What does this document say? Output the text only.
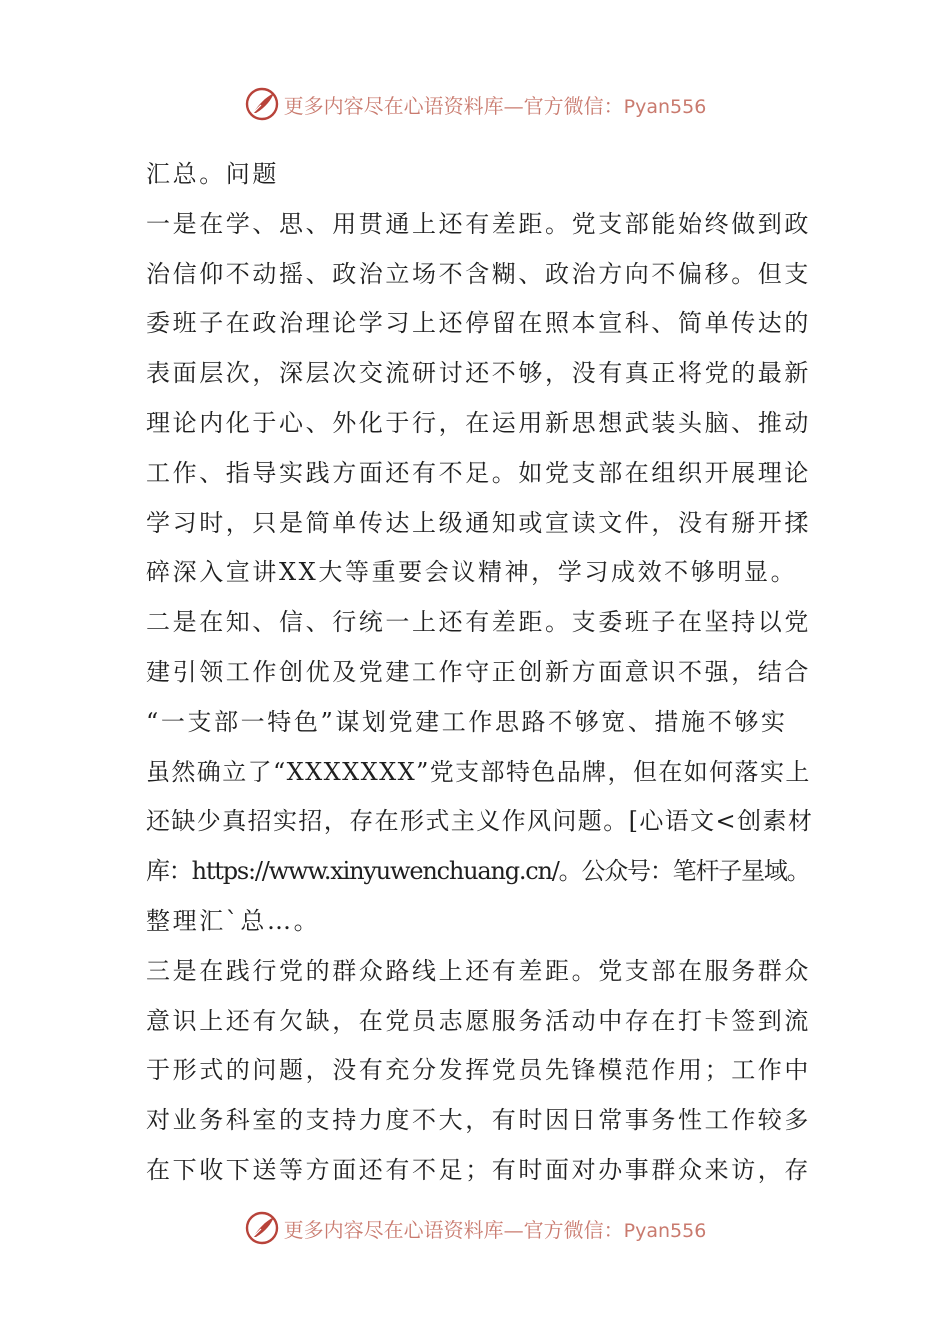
更多内容尽在心语资料库—官方微信：Pyan556

汇总。问题
一是在学、思、用贯通上还有差距。党支部能始终做到政
治信仰不动摇、政治立场不含糊、政治方向不偏移。但支
委班子在政治理论学习上还停留在照本宣科、简单传达的
表面层次，深层次交流研讨还不够，没有真正将党的最新
理论内化于心、外化于行，在运用新思想武装头脑、推动
工作、指导实践方面还有不足。如党支部在组织开展理论
学习时，只是简单传达上级通知或宣读文件，没有掰开揉
碎深入宣讲XX大等重要会议精神，学习成效不够明显。
二是在知、信、行统一上还有差距。支委班子在坚持以党
建引领工作创优及党建工作守正创新方面意识不强，结合
“一支部一特色”谋划党建工作思路不够宽、措施不够实
虽然确立了“XXXXXXX”党支部特色品牌，但在如何落实上
还缺少真招实招，存在形式主义作风问题。[心语文<创素材
库：https://www.xinyuwenchuang.cn/。公众号：笔杆子星域。
整理汇`总…。
三是在践行党的群众路线上还有差距。党支部在服务群众
意识上还有欠缺，在党员志愿服务活动中存在打卡签到流
于形式的问题，没有充分发挥党员先锋模范作用；工作中
对业务科室的支持力度不大，有时因日常事务性工作较多
在下收下送等方面还有不足；有时面对办事群众来访，存

更多内容尽在心语资料库—官方微信：Pyan556
